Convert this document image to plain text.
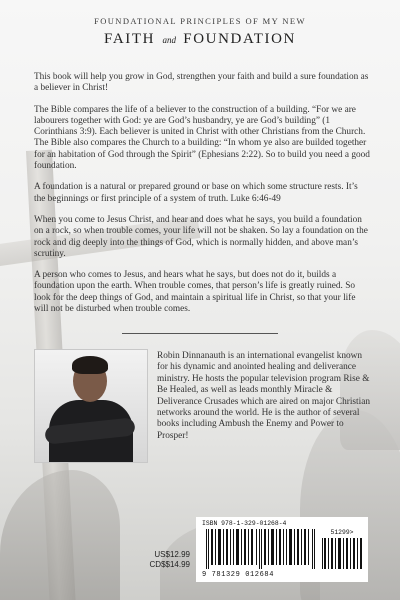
FOUNDATIONAL PRINCIPLES OF MY NEW
FAITH and FOUNDATION

This book will help you grow in God, strengthen your faith and build a sure foundation as a believer in Christ!

The Bible compares the life of a believer to the construction of a building. “For we are labourers together with God: ye are God’s husbandry, ye are God’s building” (1 Corinthians 3:9). Each believer is united in Christ with other Christians from the Church. The Bible also compares the Church to a building: “In whom ye also are builded together for an habitation of God through the Spirit” (Ephesians 2:22). So to build you need a good foundation.

A foundation is a natural or prepared ground or base on which some structure rests. It’s the beginnings or first principle of a system of truth. Luke 6:46-49

When you come to Jesus Christ, and hear and does what he says, you build a foundation on a rock, so when trouble comes, your life will not be shaken. So lay a foundation on the rock and dig deeply into the things of God, which is normally hidden, and above man’s scrutiny.

A person who comes to Jesus, and hears what he says, but does not do it, builds a foundation upon the earth. When trouble comes, that person’s life is greatly ruined. So look for the deep things of God, and maintain a spiritual life in Christ, so that your life will not be disturbed when trouble comes.

Robin Dinnanauth is an international evangelist known for his dynamic and anointed healing and deliverance ministry. He hosts the popular television program Rise & Be Healed, as well as leads monthly Miracle & Deliverance Crusades which are aired on major Christian networks around the world. He is the author of several books including Ambush the Enemy and Power to Prosper!

US$12.99
CD$$14.99
ISBN 978-1-329-01268-4
51299>
9 781329 012684
